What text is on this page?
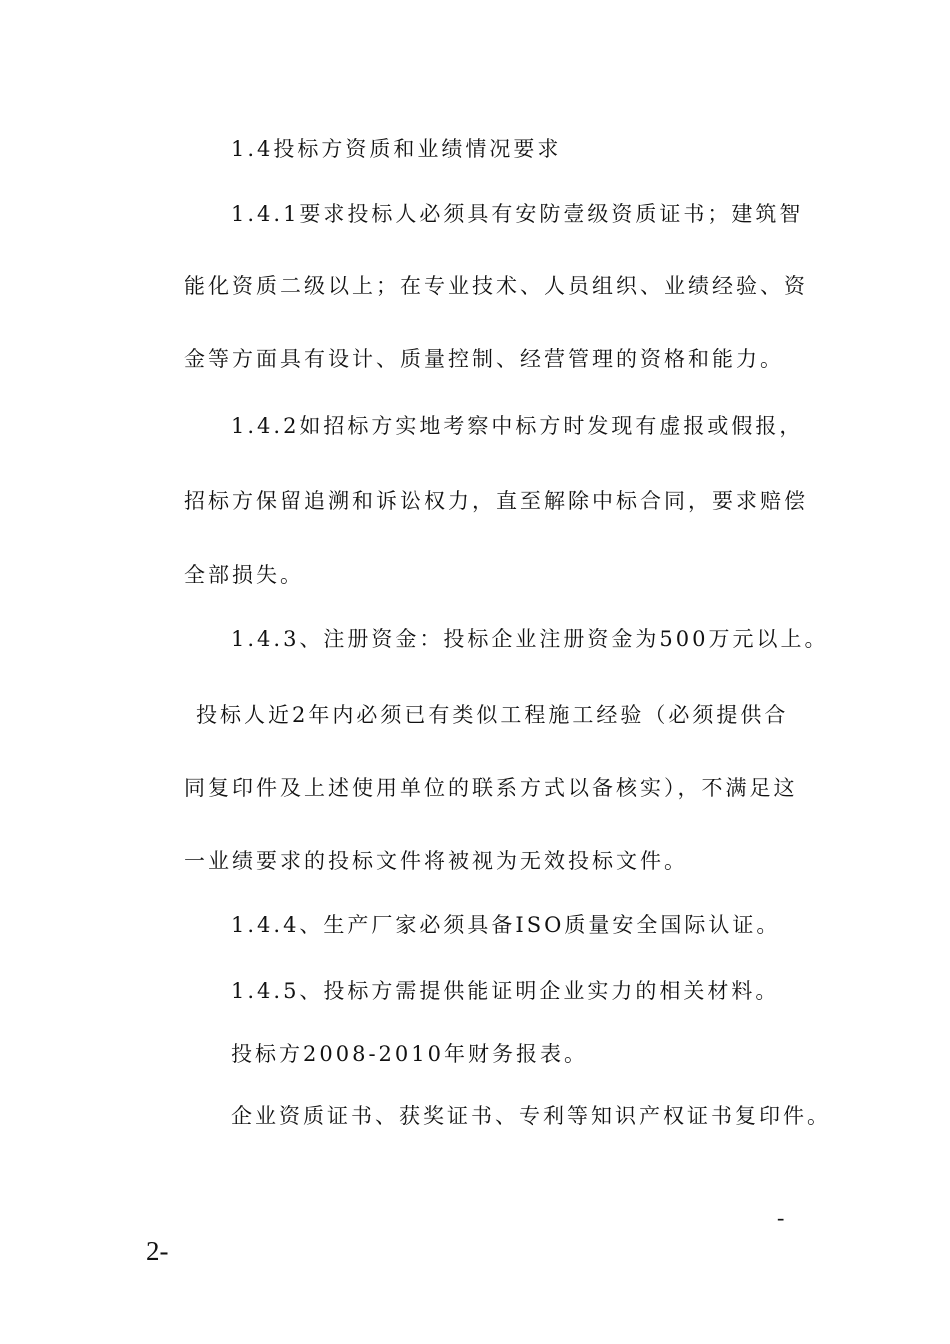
1.4投标方资质和业绩情况要求
1.4.1要求投标人必须具有安防壹级资质证书；建筑智
能化资质二级以上；在专业技术、人员组织、业绩经验、资
金等方面具有设计、质量控制、经营管理的资格和能力。
1.4.2如招标方实地考察中标方时发现有虚报或假报，
招标方保留追溯和诉讼权力，直至解除中标合同，要求赔偿
全部损失。
1.4.3、注册资金：投标企业注册资金为500万元以上。
投标人近2年内必须已有类似工程施工经验（必须提供合
同复印件及上述使用单位的联系方式以备核实），不满足这
一业绩要求的投标文件将被视为无效投标文件。
1.4.4、生产厂家必须具备ISO质量安全国际认证。
1.4.5、投标方需提供能证明企业实力的相关材料。
投标方2008-2010年财务报表。
企业资质证书、获奖证书、专利等知识产权证书复印件。
-
2-
